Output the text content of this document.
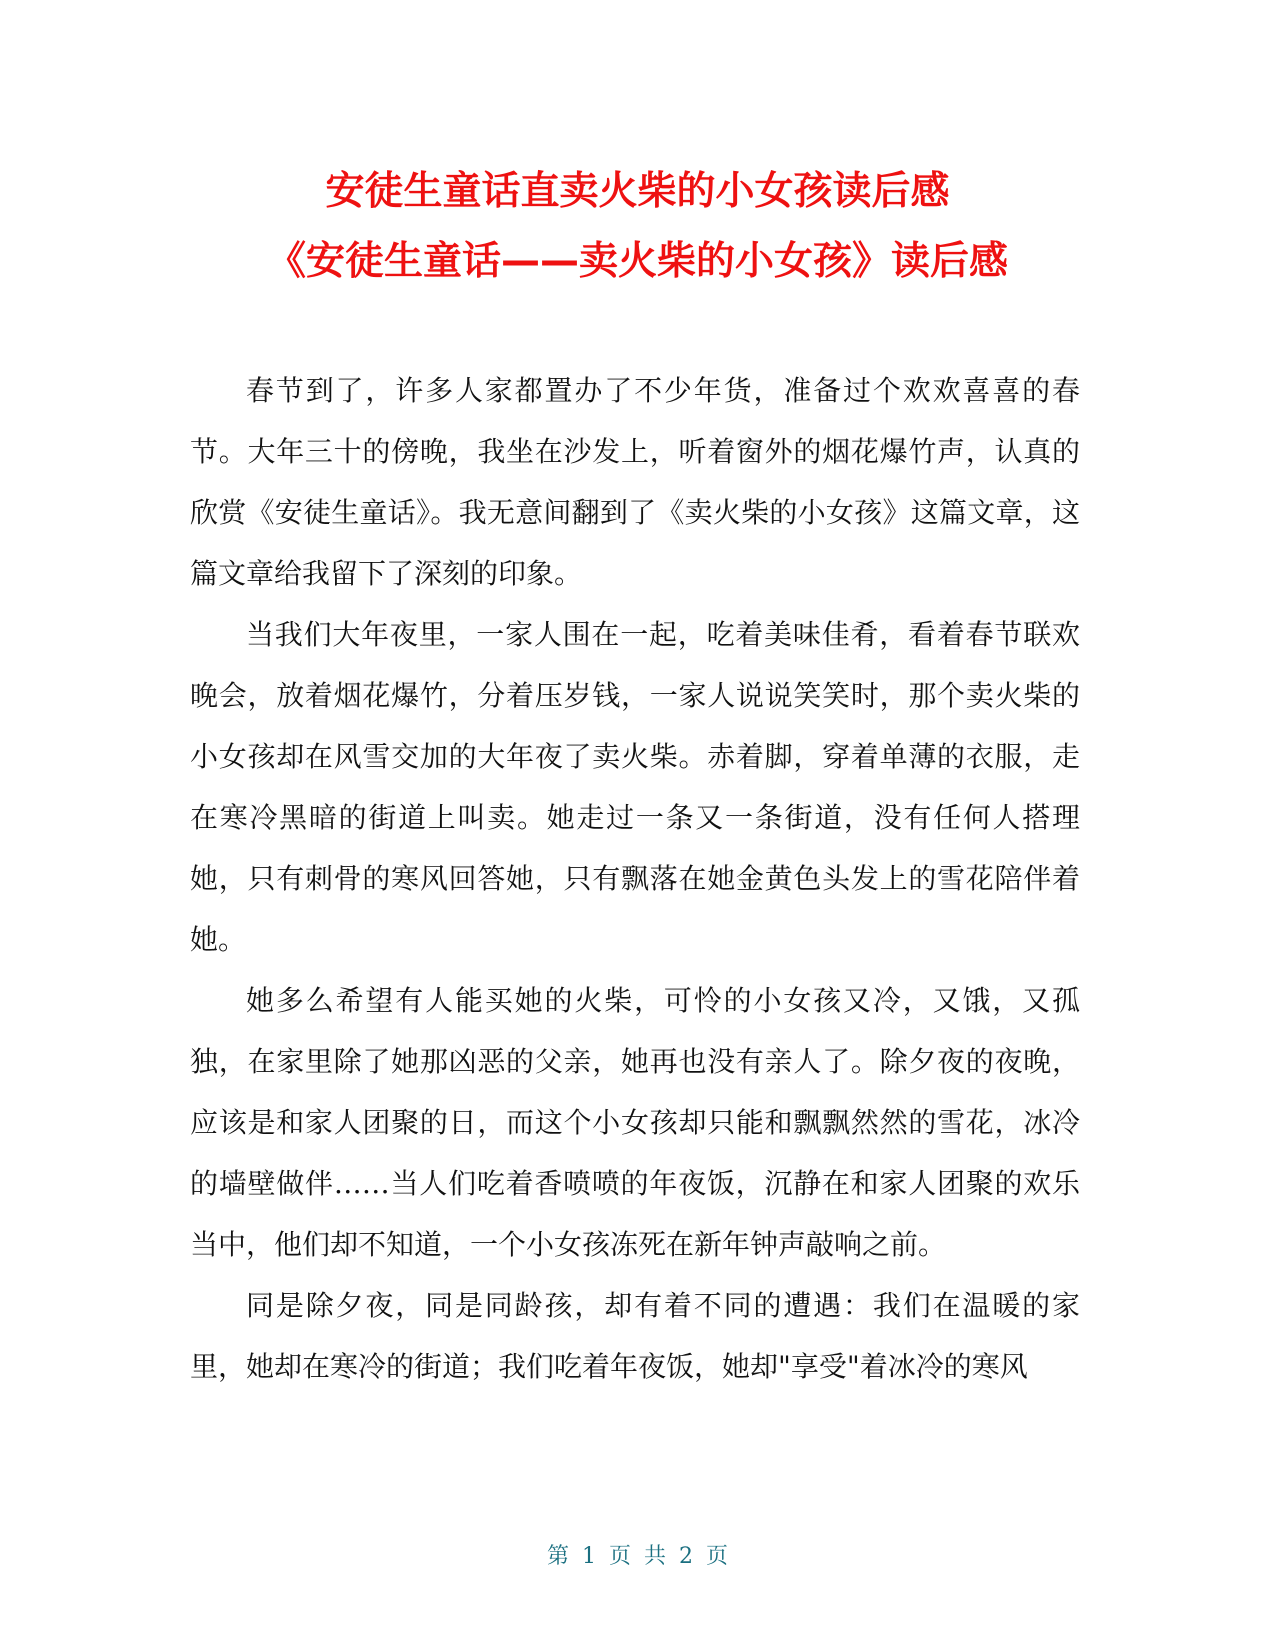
安徒生童话直卖火柴的小女孩读后感
《安徒生童话——卖火柴的小女孩》读后感

春节到了，许多人家都置办了不少年货，准备过个欢欢喜喜的春节。大年三十的傍晚，我坐在沙发上，听着窗外的烟花爆竹声，认真的欣赏《安徒生童话》。我无意间翻到了《卖火柴的小女孩》这篇文章，这篇文章给我留下了深刻的印象。

当我们大年夜里，一家人围在一起，吃着美味佳肴，看着春节联欢晚会，放着烟花爆竹，分着压岁钱，一家人说说笑笑时，那个卖火柴的小女孩却在风雪交加的大年夜了卖火柴。赤着脚，穿着单薄的衣服，走在寒冷黑暗的街道上叫卖。她走过一条又一条街道，没有任何人搭理她，只有刺骨的寒风回答她，只有飘落在她金黄色头发上的雪花陪伴着她。

她多么希望有人能买她的火柴，可怜的小女孩又冷，又饿，又孤独，在家里除了她那凶恶的父亲，她再也没有亲人了。除夕夜的夜晚，应该是和家人团聚的日，而这个小女孩却只能和飘飘然然的雪花，冰冷的墙壁做伴……当人们吃着香喷喷的年夜饭，沉静在和家人团聚的欢乐当中，他们却不知道，一个小女孩冻死在新年钟声敲响之前。

同是除夕夜，同是同龄孩，却有着不同的遭遇：我们在温暖的家里，她却在寒冷的街道；我们吃着年夜饭，她却"享受"着冰冷的寒风

第 1 页 共 2 页
